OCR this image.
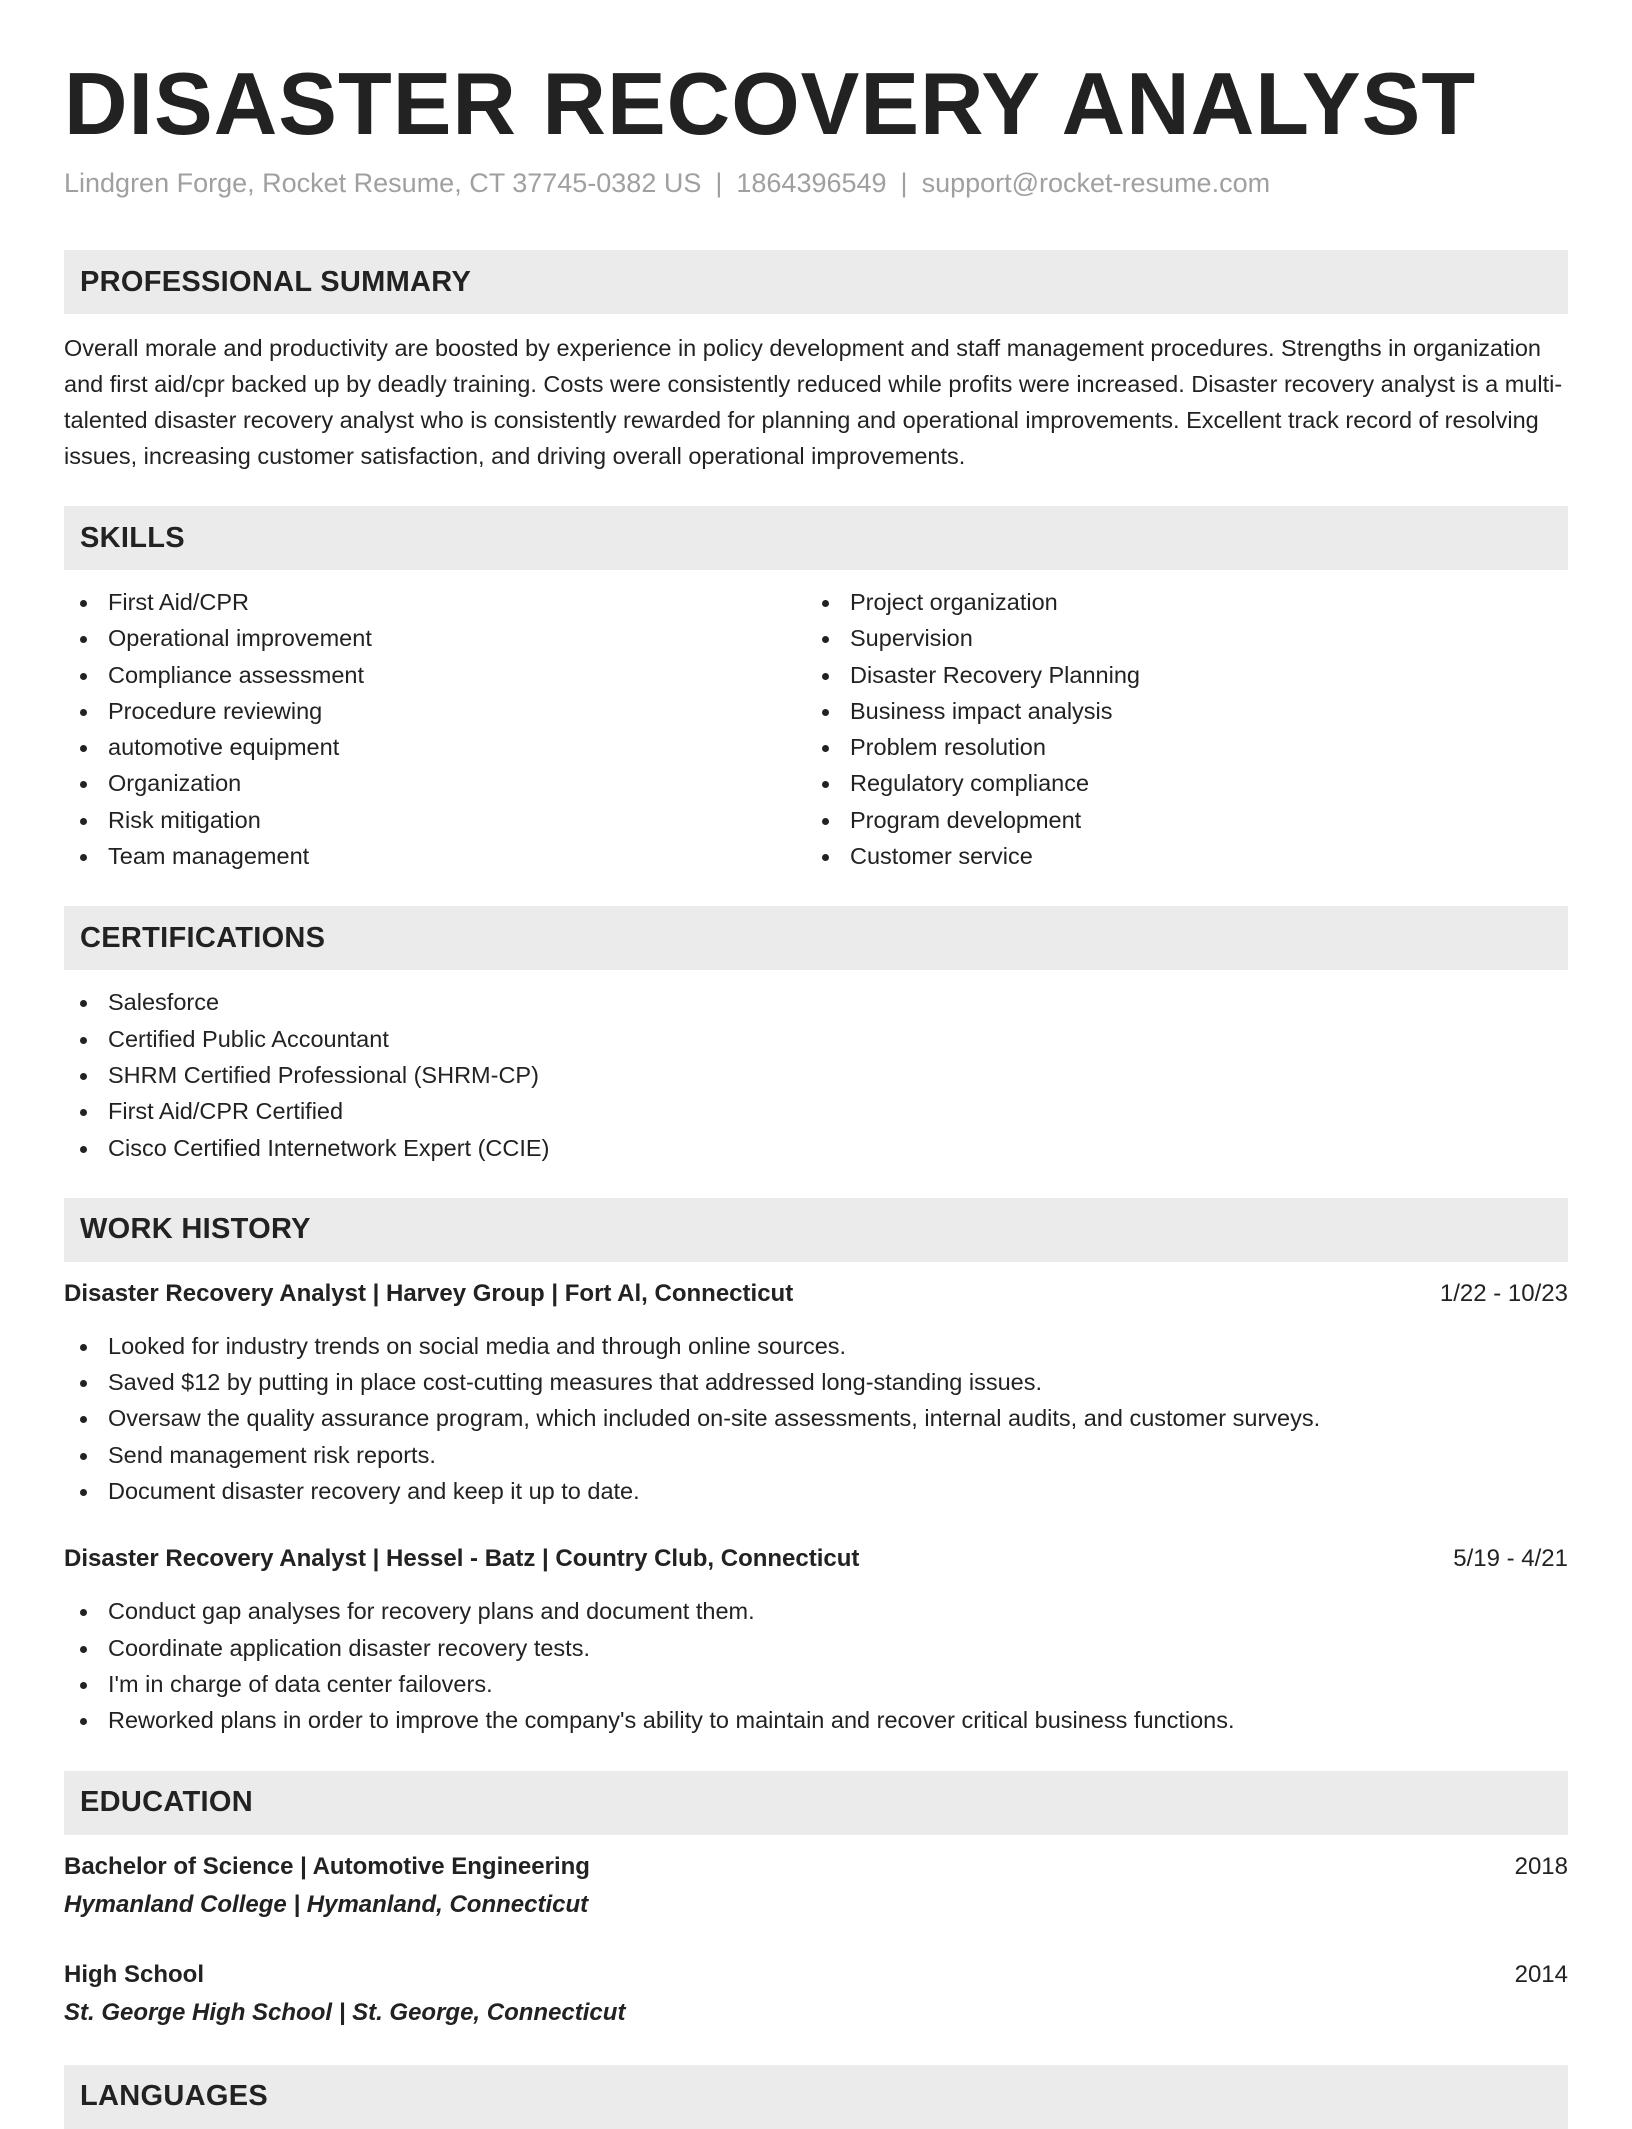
DISASTER RECOVERY ANALYST
Lindgren Forge, Rocket Resume, CT 37745-0382 US | 1864396549 | support@rocket-resume.com
PROFESSIONAL SUMMARY

Overall morale and productivity are boosted by experience in policy development and staff management procedures. Strengths in organization and first aid/cpr backed up by deadly training. Costs were consistently reduced while profits were increased. Disaster recovery analyst is a multi-talented disaster recovery analyst who is consistently rewarded for planning and operational improvements. Excellent track record of resolving issues, increasing customer satisfaction, and driving overall operational improvements.

SKILLS
First Aid/CPR
Operational improvement
Compliance assessment
Procedure reviewing
automotive equipment
Organization
Risk mitigation
Team management
Project organization
Supervision
Disaster Recovery Planning
Business impact analysis
Problem resolution
Regulatory compliance
Program development
Customer service
CERTIFICATIONS
Salesforce
Certified Public Accountant
SHRM Certified Professional (SHRM-CP)
First Aid/CPR Certified
Cisco Certified Internetwork Expert (CCIE)
WORK HISTORY
Disaster Recovery Analyst | Harvey Group | Fort Al, Connecticut	1/22 - 10/23
Looked for industry trends on social media and through online sources.
Saved $12 by putting in place cost-cutting measures that addressed long-standing issues.
Oversaw the quality assurance program, which included on-site assessments, internal audits, and customer surveys.
Send management risk reports.
Document disaster recovery and keep it up to date.
Disaster Recovery Analyst | Hessel - Batz | Country Club, Connecticut	5/19 - 4/21
Conduct gap analyses for recovery plans and document them.
Coordinate application disaster recovery tests.
I'm in charge of data center failovers.
Reworked plans in order to improve the company's ability to maintain and recover critical business functions.
EDUCATION
Bachelor of Science | Automotive Engineering	2018
Hymanland College | Hymanland, Connecticut
High School	2014
St. George High School | St. George, Connecticut
LANGUAGES
